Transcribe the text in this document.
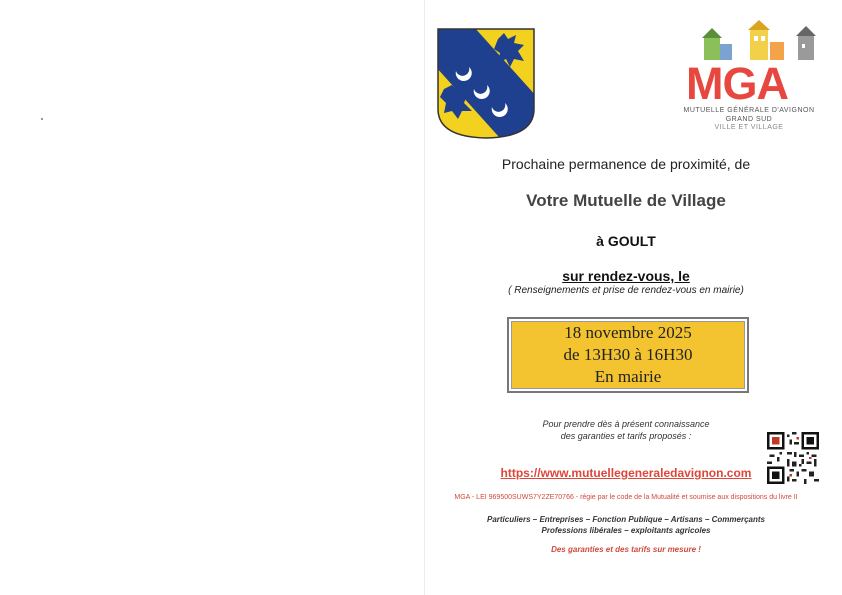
MGA
MUTUELLE GÉNÉRALE D'AVIGNON
GRAND SUD
VILLE ET VILLAGE
Prochaine permanence de proximité, de
Votre Mutuelle de Village
à GOULT
sur rendez-vous, le
( Renseignements et prise de rendez-vous en mairie)
18 novembre 2025
de 13H30 à 16H30
En mairie
Pour prendre dès à présent connaissance
des garanties et tarifs proposés :
https://www.mutuellegeneraledavignon.com
MGA - LEI 969500SUWS7Y2ZE70766 - régie par le code de la Mutualité et soumise aux dispositions du livre II
Particuliers – Entreprises – Fonction Publique – Artisans – Commerçants
Professions libérales – exploitants agricoles
Des garanties et des tarifs sur mesure !
